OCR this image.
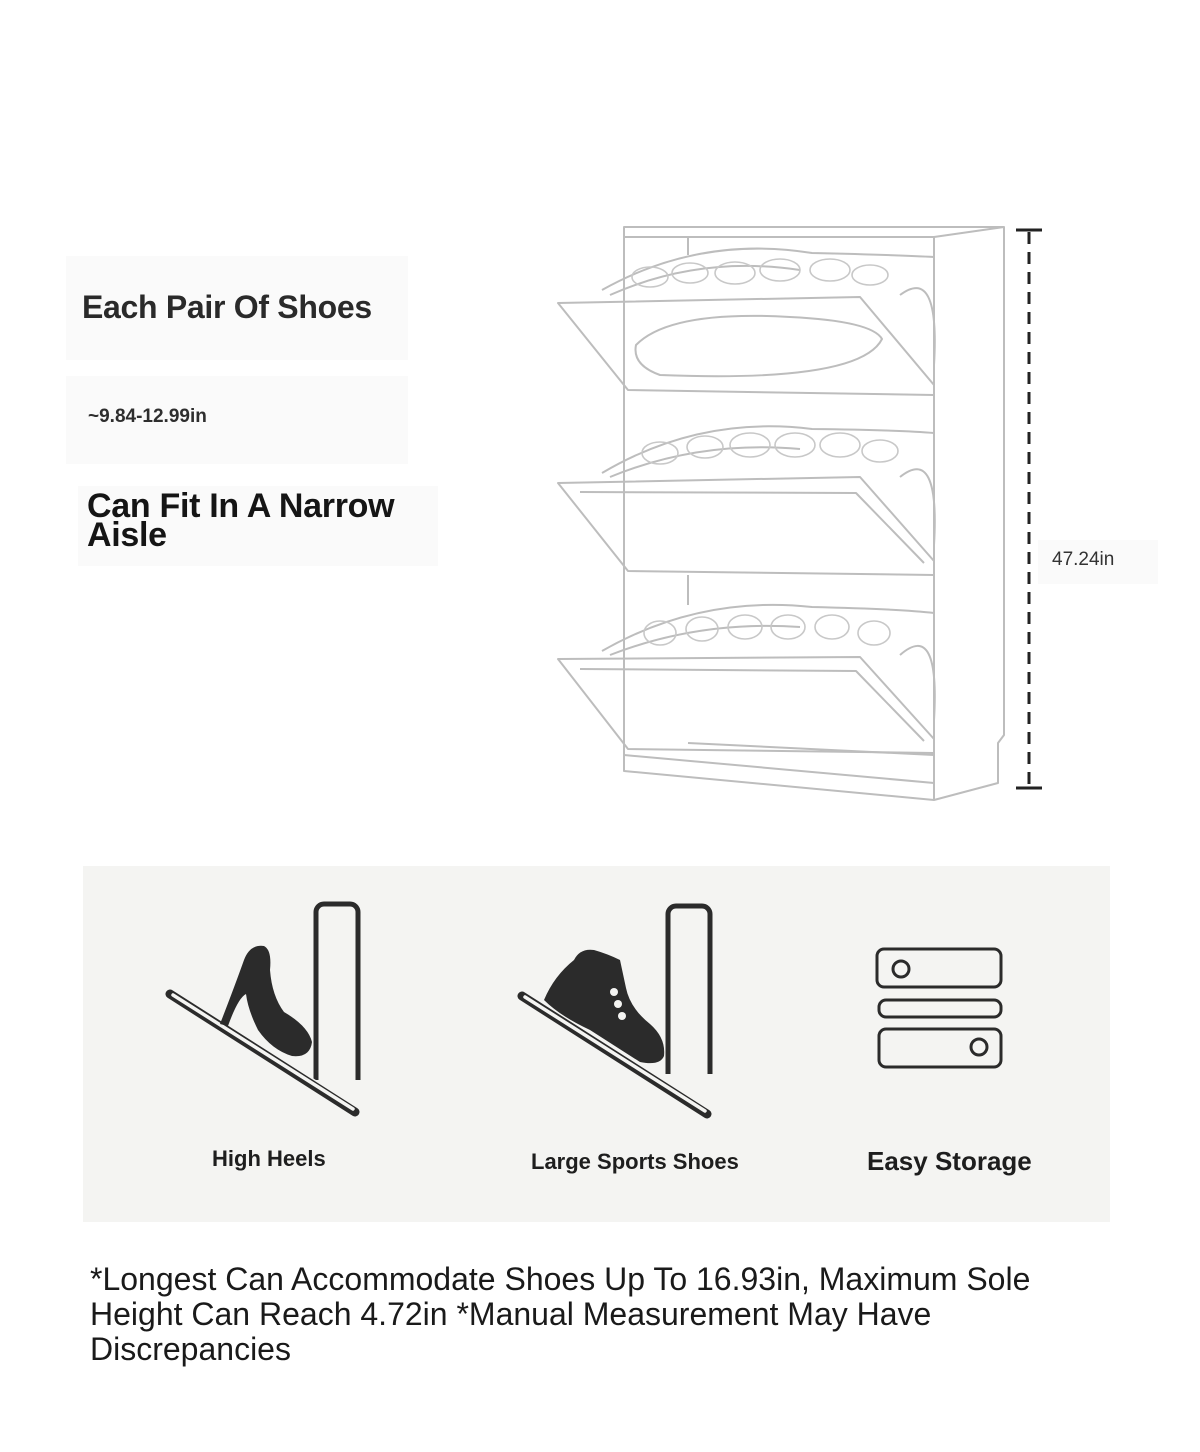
Each Pair Of Shoes
~9.84-12.99in
Can Fit In A Narrow Aisle
47.24in
High Heels	Large Sports Shoes	Easy Storage
*Longest Can Accommodate Shoes Up To 16.93in, Maximum Sole Height Can Reach 4.72in *Manual Measurement May Have Discrepancies
